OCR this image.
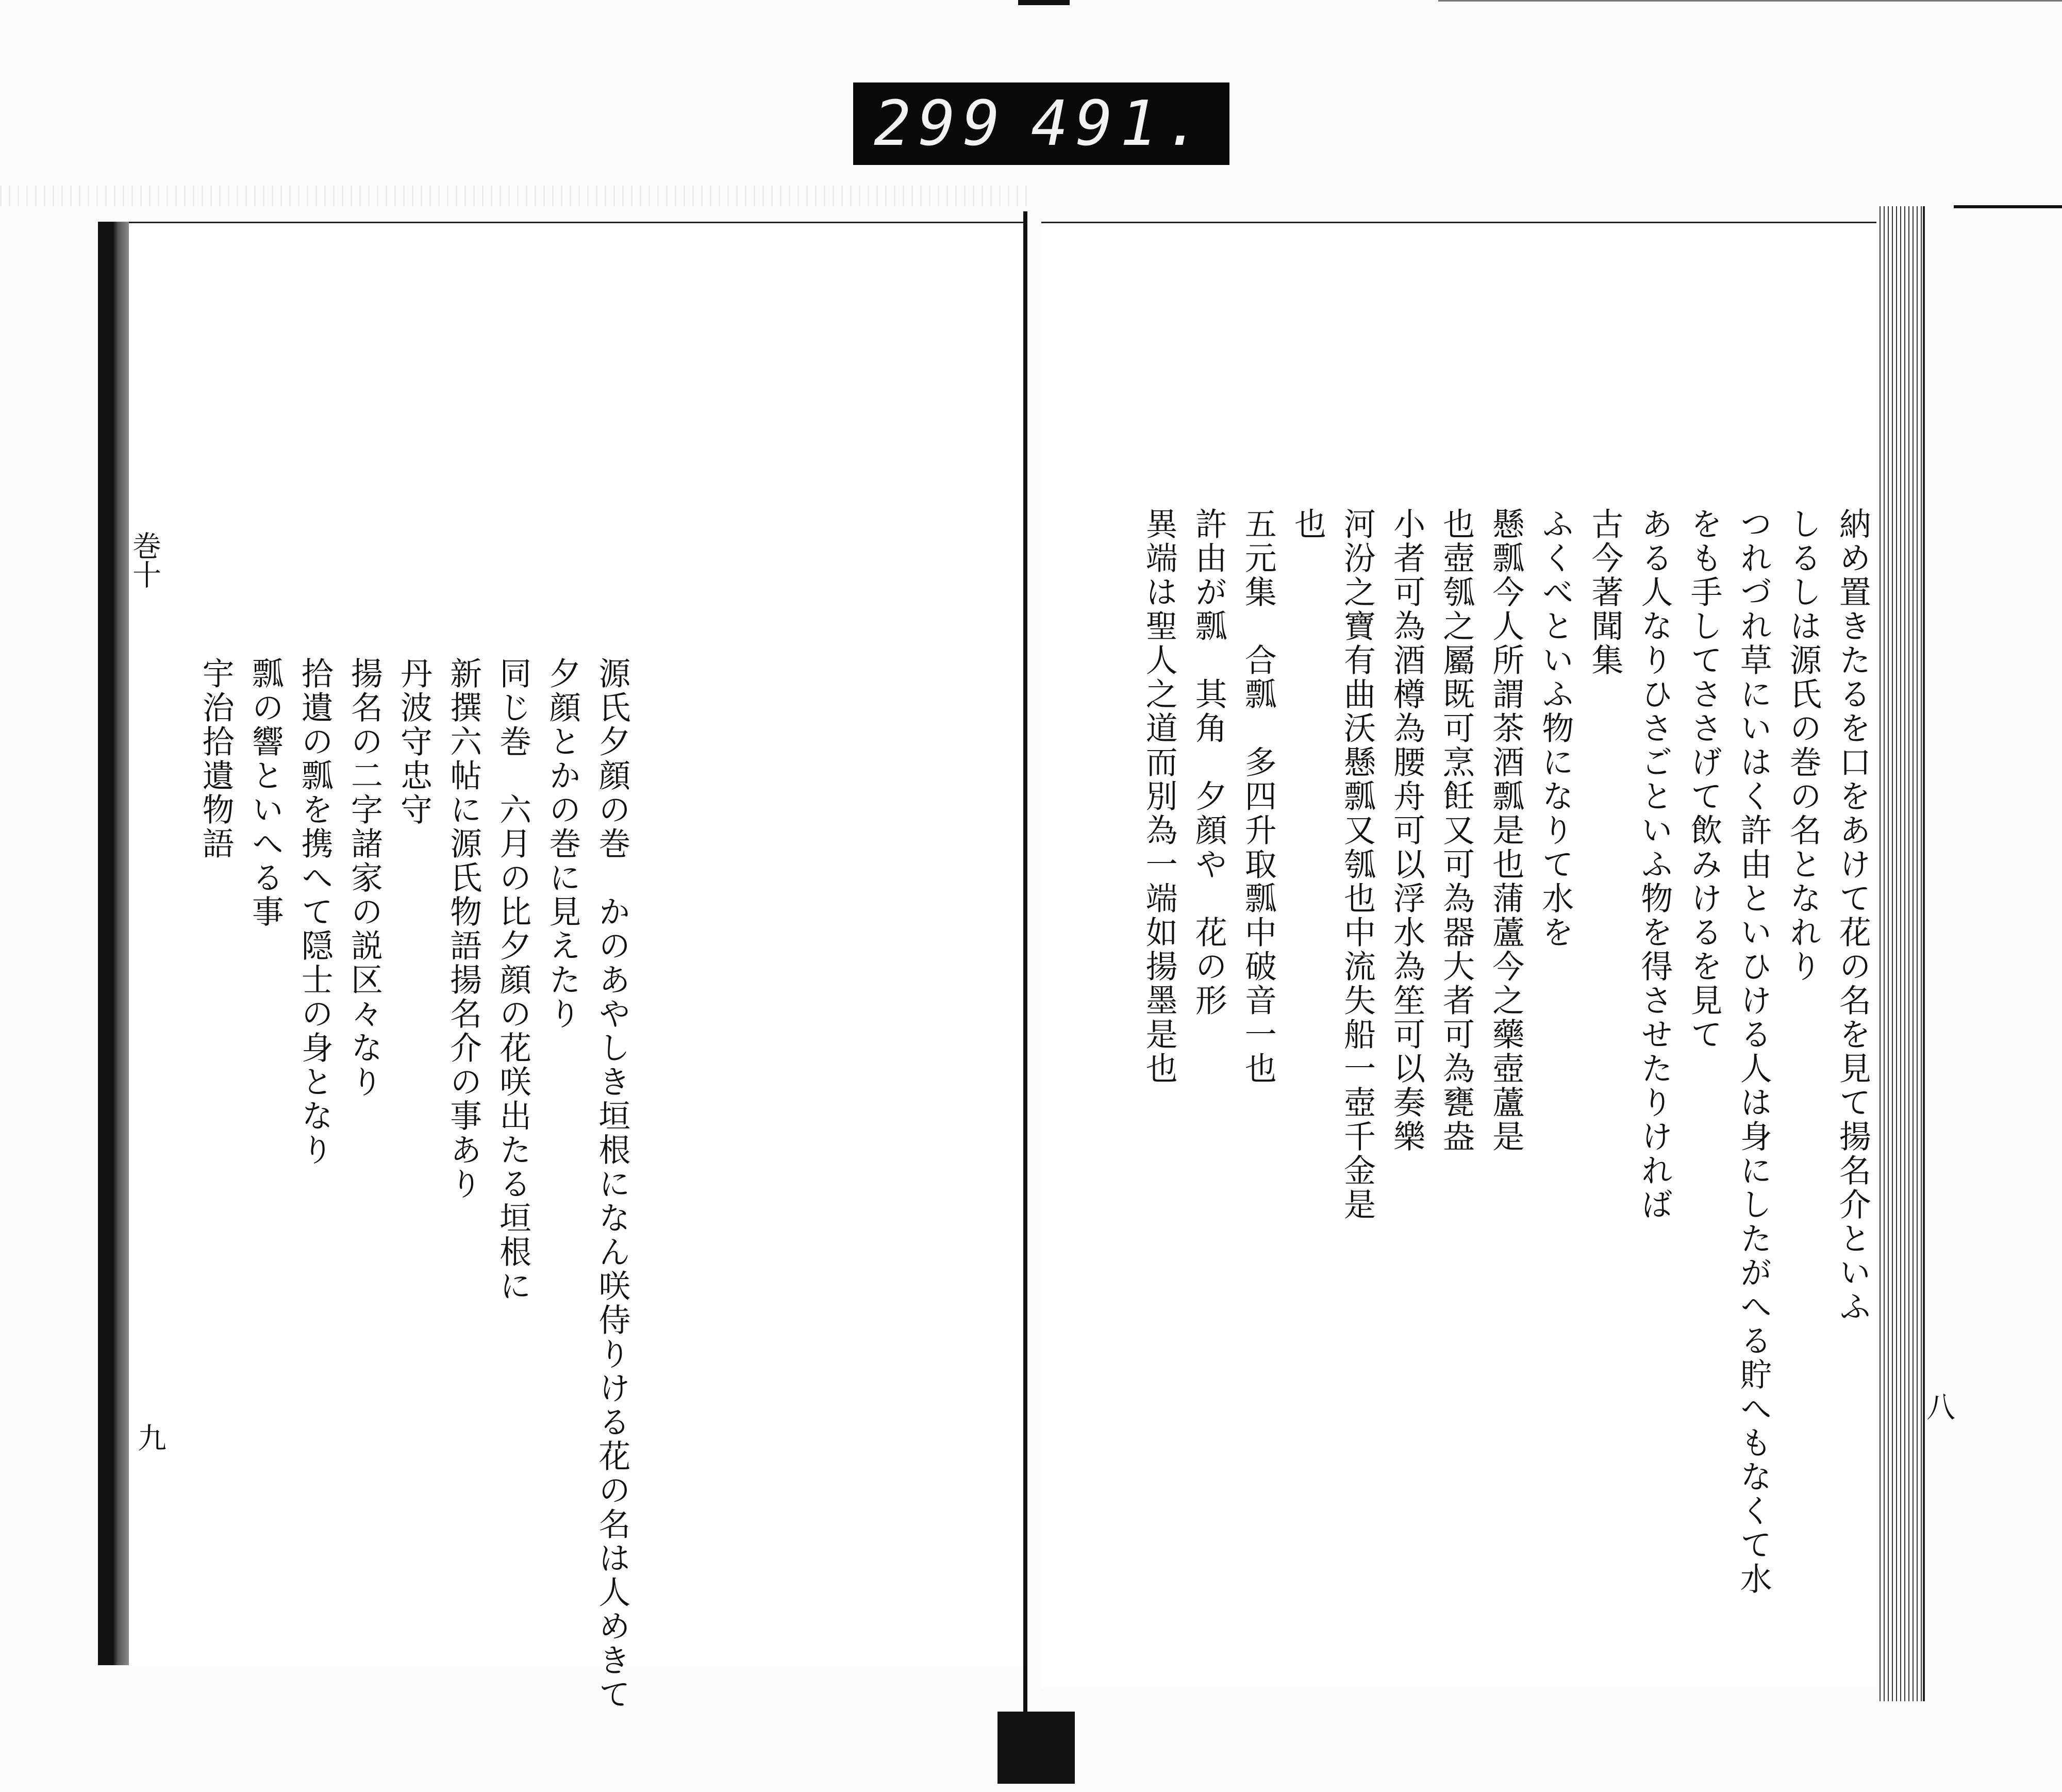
299 491.
巻十
九
八

源氏夕顔の巻　かのあやしき垣根になん咲侍りける花の名は人めきて
夕顔とかの巻に見えたり
同じ巻　六月の比夕顔の花咲出たる垣根に
新撰六帖に源氏物語揚名介の事あり
丹波守忠守
揚名の二字諸家の説区々なり
拾遺の瓢を携へて隠士の身となり
瓢の響といへる事
宇治拾遺物語	納め置きたるを口をあけて花の名を見て揚名介といふ
しるしは源氏の巻の名となれり
つれづれ草にいはく許由といひける人は身にしたがへる貯へもなくて水
をも手してささげて飲みけるを見て
ある人なりひさごといふ物を得させたりければ
古今著聞集
ふくべといふ物になりて水を
懸瓢今人所謂茶酒瓢是也蒲蘆今之藥壺蘆是
也壺瓠之屬既可烹飪又可為器大者可為甕盎
小者可為酒樽為腰舟可以浮水為笙可以奏樂
河汾之寶有曲沃懸瓢又瓠也中流失船一壺千金是
也
五元集　合瓢　多四升取瓢中破音一也
許由が瓢　其角　夕顔や　花の形
異端は聖人之道而別為一端如揚墨是也
